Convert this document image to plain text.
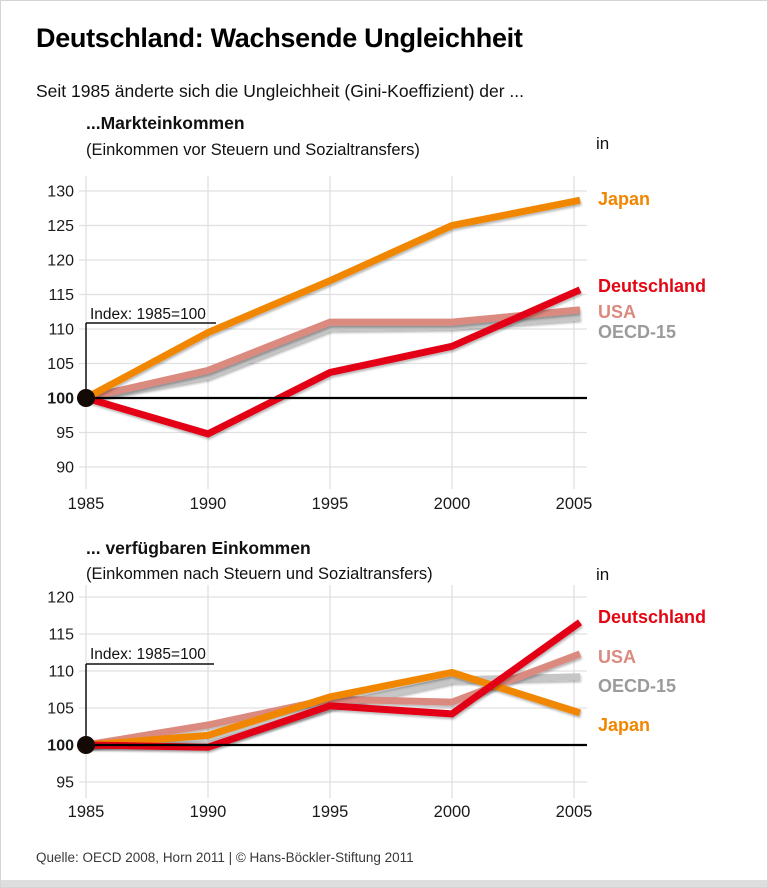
Deutschland: Wachsende Ungleichheit
Seit 1985 änderte sich die Ungleichheit (Gini-Koeffizient) der ...
...Markteinkommen
(Einkommen vor Steuern und Sozialtransfers)	in
90
95
100
105
110
115
120
125
130
1985	1990	1995	2000	2005
Index: 1985=100
Japan
Deutschland
USA
OECD-15
... verfügbaren Einkommen
(Einkommen nach Steuern und Sozialtransfers)	in
95
100
105
110
115
120
1985	1990	1995	2000	2005
Index: 1985=100
Deutschland
USA
OECD-15
Japan
Quelle: OECD 2008, Horn 2011 | © Hans-Böckler-Stiftung 2011
